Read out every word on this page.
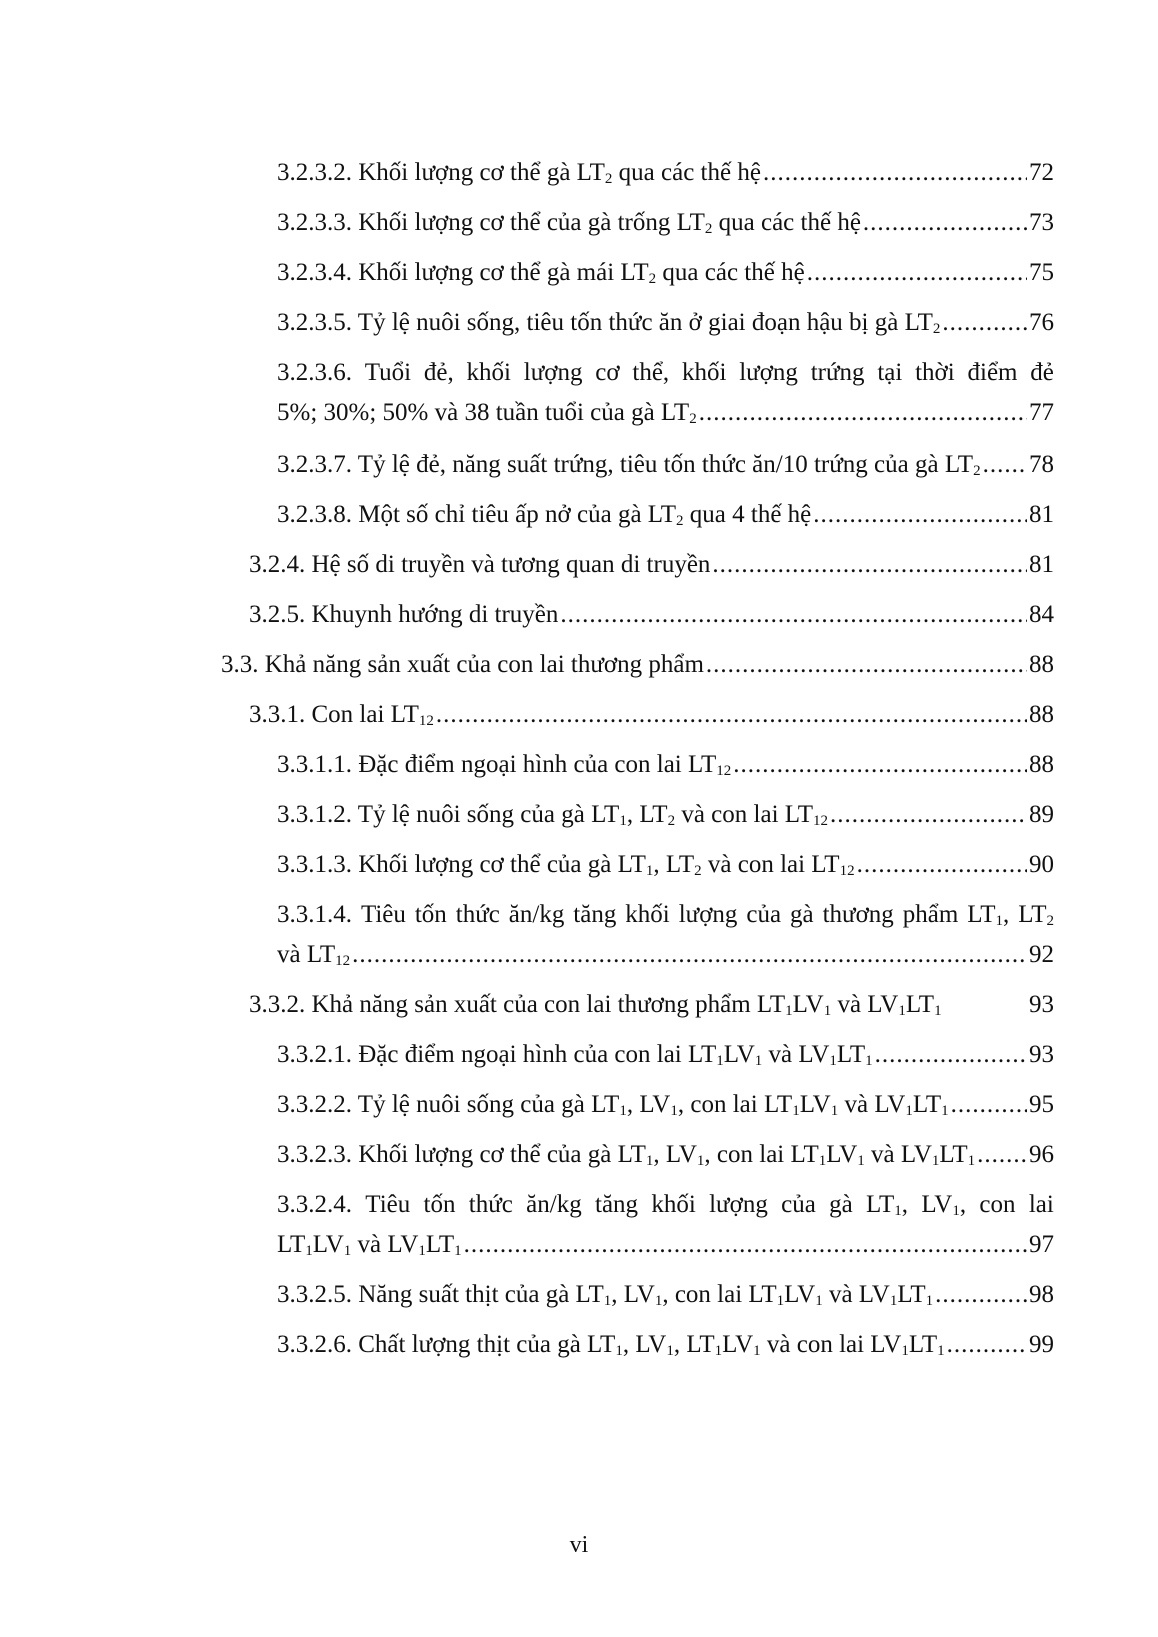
3.2.3.2. Khối lượng cơ thể gà $LT_2$ qua các thế hệ .....	72
3.2.3.3. Khối lượng cơ thể của gà trống $LT_2$ qua các thế hệ .....	73
3.2.3.4. Khối lượng cơ thể gà mái $LT_2$ qua các thế hệ .....	75
3.2.3.5. Tỷ lệ nuôi sống, tiêu tốn thức ăn ở giai đoạn hậu bị gà $LT_2$ .....	76
3.2.3.6. Tuổi đẻ, khối lượng cơ thể, khối lượng trứng tại thời điểm đẻ
5%; 30%; 50% và 38 tuần tuổi của gà $LT_2$ .....	77
3.2.3.7. Tỷ lệ đẻ, năng suất trứng, tiêu tốn thức ăn/10 trứng của gà $LT_2$ ..... 78
3.2.3.8. Một số chỉ tiêu ấp nở của gà $LT_2$ qua 4 thế hệ .....	81
3.2.4. Hệ số di truyền và tương quan di truyền .....	81
3.2.5. Khuynh hướng di truyền .....	84
3.3. Khả năng sản xuất của con lai thương phẩm .....	88
3.3.1. Con lai $LT_{12}$ .....	88
3.3.1.1. Đặc điểm ngoại hình của con lai $LT_{12}$ .....	88
3.3.1.2. Tỷ lệ nuôi sống của gà $LT_1$, $LT_2$ và con lai $LT_{12}$ .....	89
3.3.1.3. Khối lượng cơ thể của gà $LT_1$, $LT_2$ và con lai $LT_{12}$ .....	90
3.3.1.4. Tiêu tốn thức ăn/kg tăng khối lượng của gà thương phẩm $LT_1$, $LT_2$
và $LT_{12}$ .....	92
3.3.2. Khả năng sản xuất của con lai thương phẩm $LT_1LV_1$ và $LV_1LT_1$	93
3.3.2.1. Đặc điểm ngoại hình của con lai $LT_1LV_1$ và $LV_1LT_1$ .....	93
3.3.2.2. Tỷ lệ nuôi sống của gà $LT_1$, $LV_1$, con lai $LT_1LV_1$ và $LV_1LT_1$ .....	95
3.3.2.3. Khối lượng cơ thể của gà $LT_1$, $LV_1$, con lai $LT_1LV_1$ và $LV_1LT_1$ ..... 96
3.3.2.4. Tiêu tốn thức ăn/kg tăng khối lượng của gà $LT_1$, $LV_1$, con lai
$LT_1LV_1$ và $LV_1LT_1$ .....	97
3.3.2.5. Năng suất thịt của gà $LT_1$, $LV_1$, con lai $LT_1LV_1$ và $LV_1LT_1$ .....	98
3.3.2.6. Chất lượng thịt của gà $LT_1$, $LV_1$, $LT_1LV_1$ và con lai $LV_1LT_1$ .....	99
vi
